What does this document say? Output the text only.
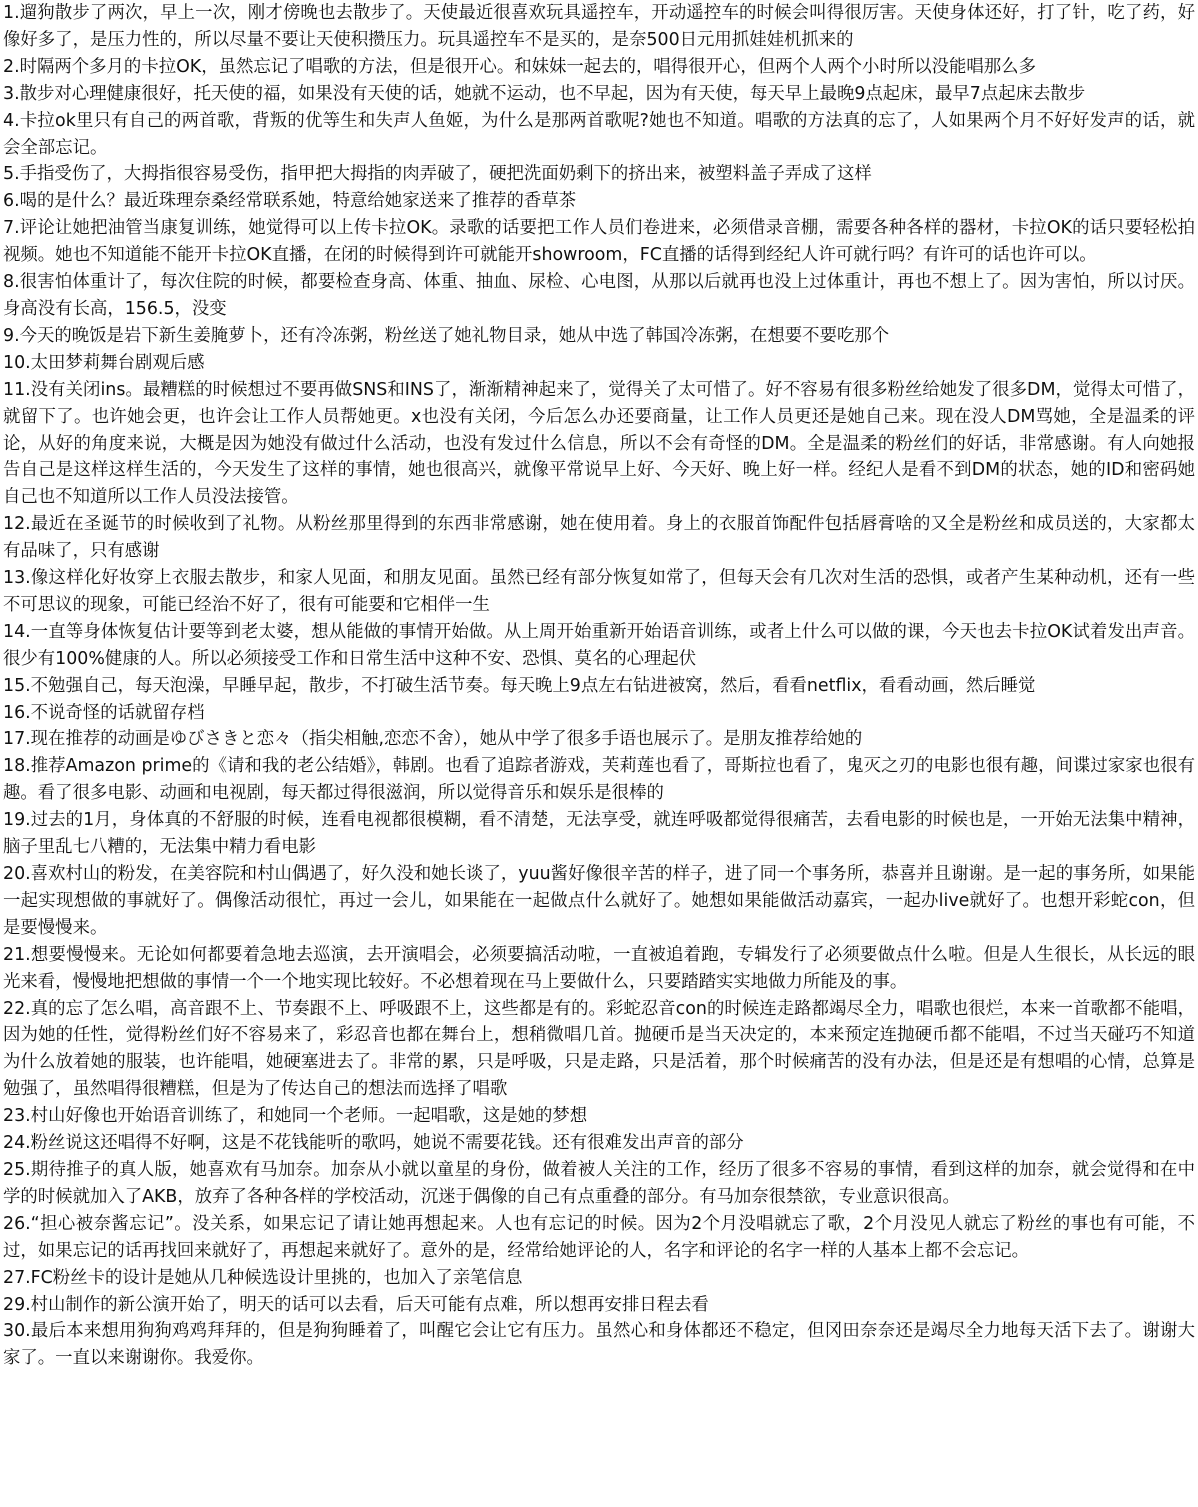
1.遛狗散步了两次，早上一次，刚才傍晚也去散步了。天使最近很喜欢玩具遥控车，开动遥控车的时候会叫得很厉害。天使身体还好，打了针，吃了药，好像好多了，是压力性的，所以尽量不要让天使积攒压力。玩具遥控车不是买的，是奈500日元用抓娃娃机抓来的

2.时隔两个多月的卡拉OK，虽然忘记了唱歌的方法，但是很开心。和妹妹一起去的，唱得很开心，但两个人两个小时所以没能唱那么多

3.散步对心理健康很好，托天使的福，如果没有天使的话，她就不运动，也不早起，因为有天使，每天早上最晚9点起床，最早7点起床去散步

4.卡拉ok里只有自己的两首歌，背叛的优等生和失声人鱼姬，为什么是那两首歌呢?她也不知道。唱歌的方法真的忘了，人如果两个月不好好发声的话，就会全部忘记。

5.手指受伤了，大拇指很容易受伤，指甲把大拇指的肉弄破了，硬把洗面奶剩下的挤出来，被塑料盖子弄成了这样

6.喝的是什么？最近珠理奈桑经常联系她，特意给她家送来了推荐的香草茶

7.评论让她把油管当康复训练，她觉得可以上传卡拉OK。录歌的话要把工作人员们卷进来，必须借录音棚，需要各种各样的器材，卡拉OK的话只要轻松拍视频。她也不知道能不能开卡拉OK直播，在闭的时候得到许可就能开showroom，FC直播的话得到经纪人许可就行吗？有许可的话也许可以。

8.很害怕体重计了，每次住院的时候，都要检查身高、体重、抽血、尿检、心电图，从那以后就再也没上过体重计，再也不想上了。因为害怕，所以讨厌。身高没有长高，156.5，没变

9.今天的晚饭是岩下新生姜腌萝卜，还有冷冻粥，粉丝送了她礼物目录，她从中选了韩国冷冻粥，在想要不要吃那个

10.太田梦莉舞台剧观后感

11.没有关闭ins。最糟糕的时候想过不要再做SNS和INS了，渐渐精神起来了，觉得关了太可惜了。好不容易有很多粉丝给她发了很多DM，觉得太可惜了，就留下了。也许她会更，也许会让工作人员帮她更。x也没有关闭，今后怎么办还要商量，让工作人员更还是她自己来。现在没人DM骂她，全是温柔的评论，从好的角度来说，大概是因为她没有做过什么活动，也没有发过什么信息，所以不会有奇怪的DM。全是温柔的粉丝们的好话，非常感谢。有人向她报告自己是这样这样生活的，今天发生了这样的事情，她也很高兴，就像平常说早上好、今天好、晚上好一样。经纪人是看不到DM的状态，她的ID和密码她自己也不知道所以工作人员没法接管。

12.最近在圣诞节的时候收到了礼物。从粉丝那里得到的东西非常感谢，她在使用着。身上的衣服首饰配件包括唇膏啥的又全是粉丝和成员送的，大家都太有品味了，只有感谢

13.像这样化好妆穿上衣服去散步，和家人见面，和朋友见面。虽然已经有部分恢复如常了，但每天会有几次对生活的恐惧，或者产生某种动机，还有一些不可思议的现象，可能已经治不好了，很有可能要和它相伴一生

14.一直等身体恢复估计要等到老太婆，想从能做的事情开始做。从上周开始重新开始语音训练，或者上什么可以做的课，今天也去卡拉OK试着发出声音。很少有100%健康的人。所以必须接受工作和日常生活中这种不安、恐惧、莫名的心理起伏

15.不勉强自己，每天泡澡，早睡早起，散步，不打破生活节奏。每天晚上9点左右钻进被窝，然后，看看netflix，看看动画，然后睡觉

16.不说奇怪的话就留存档

17.现在推荐的动画是ゆびさきと恋々（指尖相触,恋恋不舍），她从中学了很多手语也展示了。是朋友推荐给她的

18.推荐Amazon prime的《请和我的老公结婚》，韩剧。也看了追踪者游戏，芙莉莲也看了，哥斯拉也看了，鬼灭之刃的电影也很有趣，间谍过家家也很有趣。看了很多电影、动画和电视剧，每天都过得很滋润，所以觉得音乐和娱乐是很棒的

19.过去的1月，身体真的不舒服的时候，连看电视都很模糊，看不清楚，无法享受，就连呼吸都觉得很痛苦，去看电影的时候也是，一开始无法集中精神，脑子里乱七八糟的，无法集中精力看电影

20.喜欢村山的粉发，在美容院和村山偶遇了，好久没和她长谈了，yuu酱好像很辛苦的样子，进了同一个事务所，恭喜并且谢谢。是一起的事务所，如果能一起实现想做的事就好了。偶像活动很忙，再过一会儿，如果能在一起做点什么就好了。她想如果能做活动嘉宾，一起办live就好了。也想开彩蛇con，但是要慢慢来。

21.想要慢慢来。无论如何都要着急地去巡演，去开演唱会，必须要搞活动啦，一直被追着跑，专辑发行了必须要做点什么啦。但是人生很长，从长远的眼光来看，慢慢地把想做的事情一个一个地实现比较好。不必想着现在马上要做什么，只要踏踏实实地做力所能及的事。

22.真的忘了怎么唱，高音跟不上、节奏跟不上、呼吸跟不上，这些都是有的。彩蛇忍音con的时候连走路都竭尽全力，唱歌也很烂，本来一首歌都不能唱，因为她的任性，觉得粉丝们好不容易来了，彩忍音也都在舞台上，想稍微唱几首。抛硬币是当天决定的，本来预定连抛硬币都不能唱，不过当天碰巧不知道为什么放着她的服装，也许能唱，她硬塞进去了。非常的累，只是呼吸，只是走路，只是活着，那个时候痛苦的没有办法，但是还是有想唱的心情，总算是勉强了，虽然唱得很糟糕，但是为了传达自己的想法而选择了唱歌

23.村山好像也开始语音训练了，和她同一个老师。一起唱歌，这是她的梦想

24.粉丝说这还唱得不好啊，这是不花钱能听的歌吗，她说不需要花钱。还有很难发出声音的部分

25.期待推子的真人版，她喜欢有马加奈。加奈从小就以童星的身份，做着被人关注的工作，经历了很多不容易的事情，看到这样的加奈，就会觉得和在中学的时候就加入了AKB，放弃了各种各样的学校活动，沉迷于偶像的自己有点重叠的部分。有马加奈很禁欲，专业意识很高。

26.“担心被奈酱忘记”。没关系，如果忘记了请让她再想起来。人也有忘记的时候。因为2个月没唱就忘了歌，2个月没见人就忘了粉丝的事也有可能，不过，如果忘记的话再找回来就好了，再想起来就好了。意外的是，经常给她评论的人，名字和评论的名字一样的人基本上都不会忘记。

27.FC粉丝卡的设计是她从几种候选设计里挑的，也加入了亲笔信息

29.村山制作的新公演开始了，明天的话可以去看，后天可能有点难，所以想再安排日程去看

30.最后本来想用狗狗鸡鸡拜拜的，但是狗狗睡着了，叫醒它会让它有压力。虽然心和身体都还不稳定，但冈田奈奈还是竭尽全力地每天活下去了。谢谢大家了。一直以来谢谢你。我爱你。
